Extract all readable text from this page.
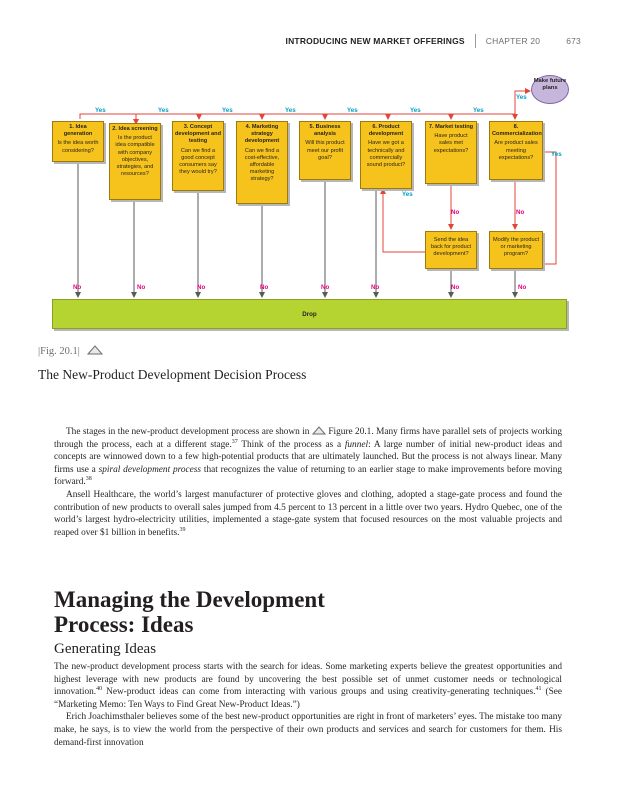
INTRODUCING NEW MARKET OFFERINGS CHAPTER 20	673
1. Idea generation
Is the idea worth considering?
2. Idea screening
Is the product idea compatible with company objectives, strategies, and resources?
3. Concept development and testing
Can we find a good concept consumers say they would try?
4. Marketing strategy development
Can we find a cost-effective, affordable marketing strategy?
5. Business analysis
Will this product meet our profit goal?
6. Product development
Have we got a technically and commercially sound product?
7. Market testing
Have product sales met expectations?
8. Commercialization
Are product sales meeting expectations?
Send the idea back for product development?
Modify the product or marketing program?
Make future plans
Drop
Yes	Yes	Yes	Yes	Yes	Yes	Yes
Yes
Yes
Yes
No	No
No	No	No	No	No	No	No	No
|Fig. 20.1|
The New-Product Development Decision Process

The stages in the new-product development process are shown in  Figure 20.1. Many firms have parallel sets of projects working through the process, each at a different stage.$^{37}$ Think of the process as a funnel: A large number of initial new-product ideas and concepts are winnowed down to a few high-potential products that are ultimately launched. But the process is not always linear. Many firms use a spiral development process that recognizes the value of returning to an earlier stage to make improvements before moving forward.$^{38}$

Ansell Healthcare, the world’s largest manufacturer of protective gloves and clothing, adopted a stage-gate process and found the contribution of new products to overall sales jumped from 4.5 percent to 13 percent in a little over two years. Hydro Quebec, one of the world’s largest hydro-electricity utilities, implemented a stage-gate system that focused resources on the most valuable projects and reaped over $1 billion in benefits.$^{39}$

Managing the Development
Process: Ideas
Generating Ideas

The new-product development process starts with the search for ideas. Some marketing experts believe the greatest opportunities and highest leverage with new products are found by uncovering the best possible set of unmet customer needs or technological innovation.$^{40}$ New-product ideas can come from interacting with various groups and using creativity-generating techniques.$^{41}$ (See “Marketing Memo: Ten Ways to Find Great New-Product Ideas.”)

Erich Joachimsthaler believes some of the best new-product opportunities are right in front of marketers’ eyes. The mistake too many make, he says, is to view the world from the perspective of their own products and services and search for customers for them. His demand-first innovation
